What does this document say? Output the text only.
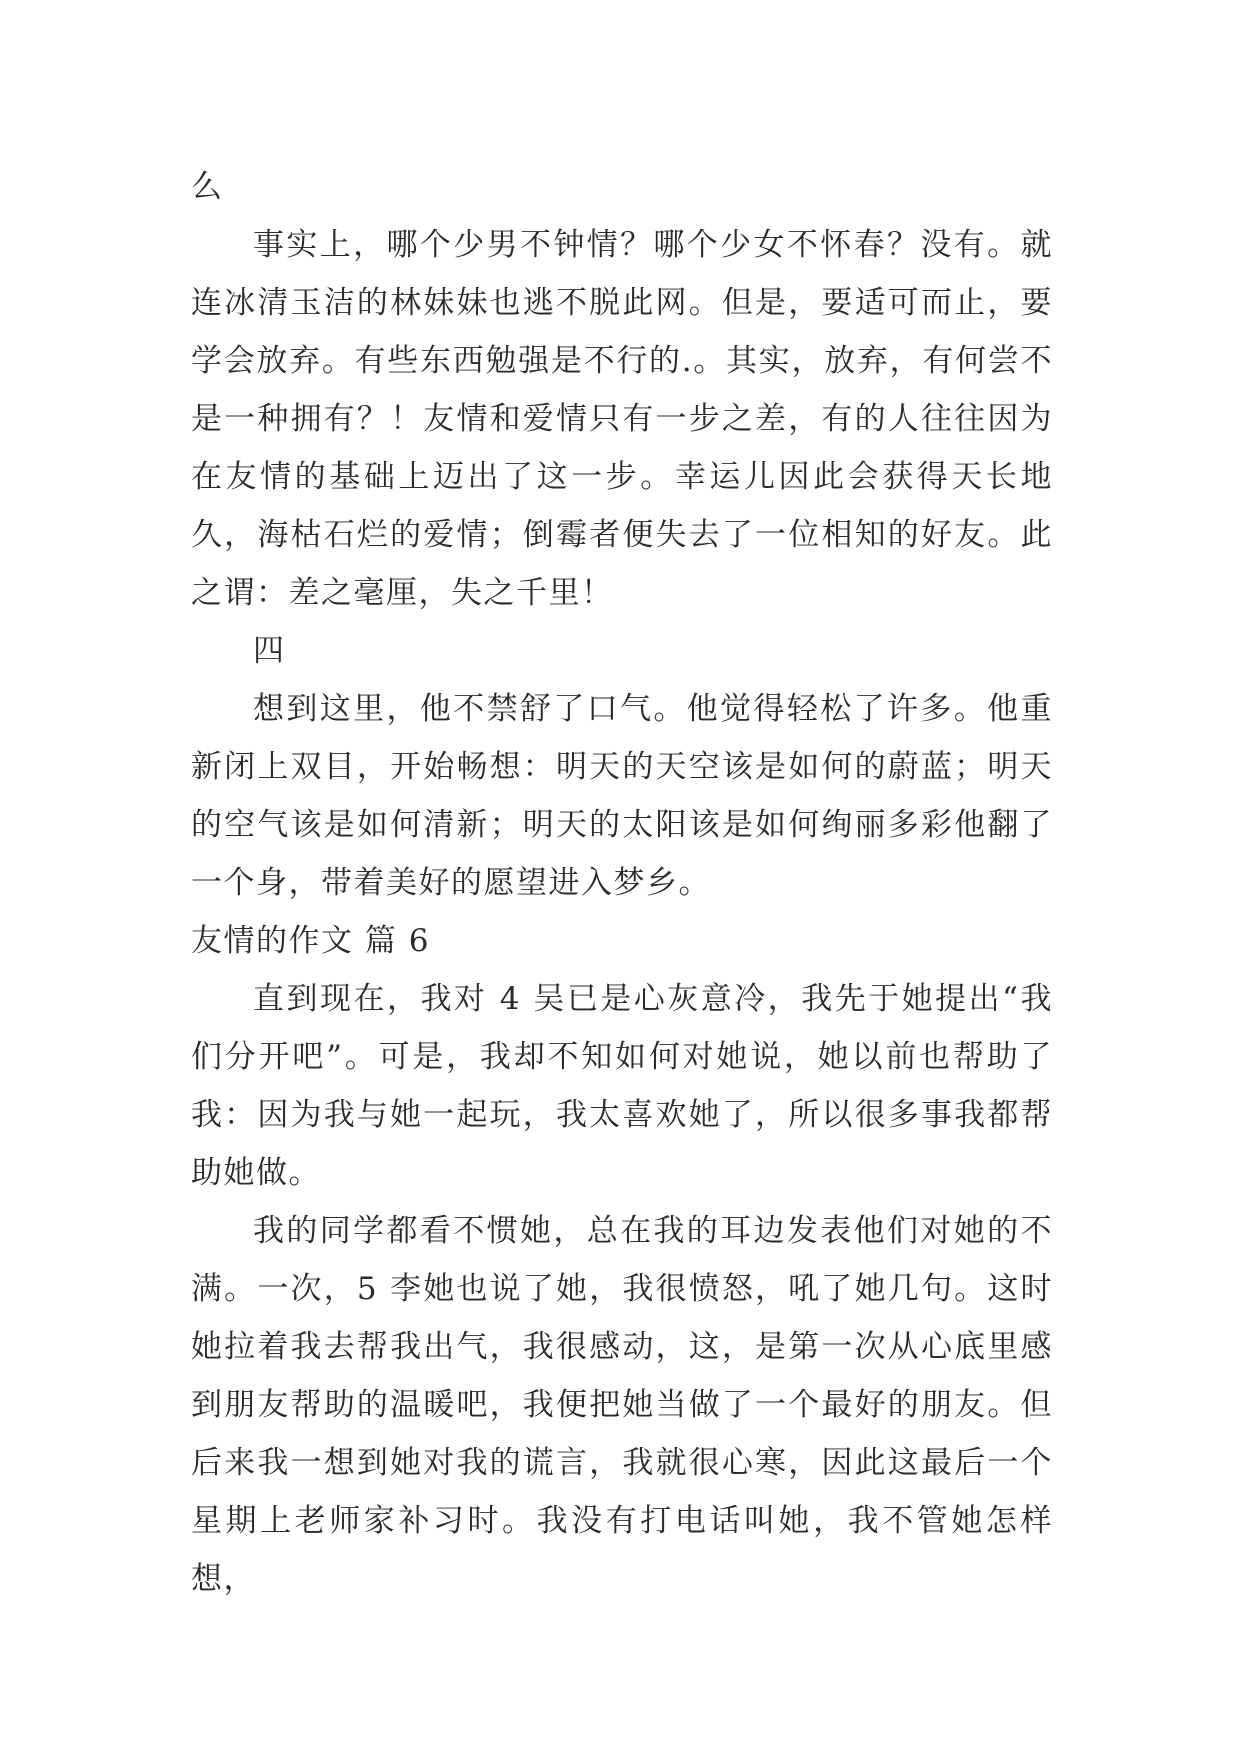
么

事实上，哪个少男不钟情？哪个少女不怀春？没有。就连冰清玉洁的林妹妹也逃不脱此网。但是，要适可而止，要学会放弃。有些东西勉强是不行的.。其实，放弃，有何尝不是一种拥有？！友情和爱情只有一步之差，有的人往往因为在友情的基础上迈出了这一步。幸运儿因此会获得天长地久，海枯石烂的爱情；倒霉者便失去了一位相知的好友。此之谓：差之毫厘，失之千里！

四

想到这里，他不禁舒了口气。他觉得轻松了许多。他重新闭上双目，开始畅想：明天的天空该是如何的蔚蓝；明天的空气该是如何清新；明天的太阳该是如何绚丽多彩他翻了一个身，带着美好的愿望进入梦乡。

友情的作文 篇 6

直到现在，我对 4 吴已是心灰意冷，我先于她提出“我们分开吧”。可是，我却不知如何对她说，她以前也帮助了我：因为我与她一起玩，我太喜欢她了，所以很多事我都帮助她做。

我的同学都看不惯她，总在我的耳边发表他们对她的不满。一次，5 李她也说了她，我很愤怒，吼了她几句。这时她拉着我去帮我出气，我很感动，这，是第一次从心底里感到朋友帮助的温暖吧，我便把她当做了一个最好的朋友。但后来我一想到她对我的谎言，我就很心寒，因此这最后一个星期上老师家补习时。我没有打电话叫她，我不管她怎样想，
